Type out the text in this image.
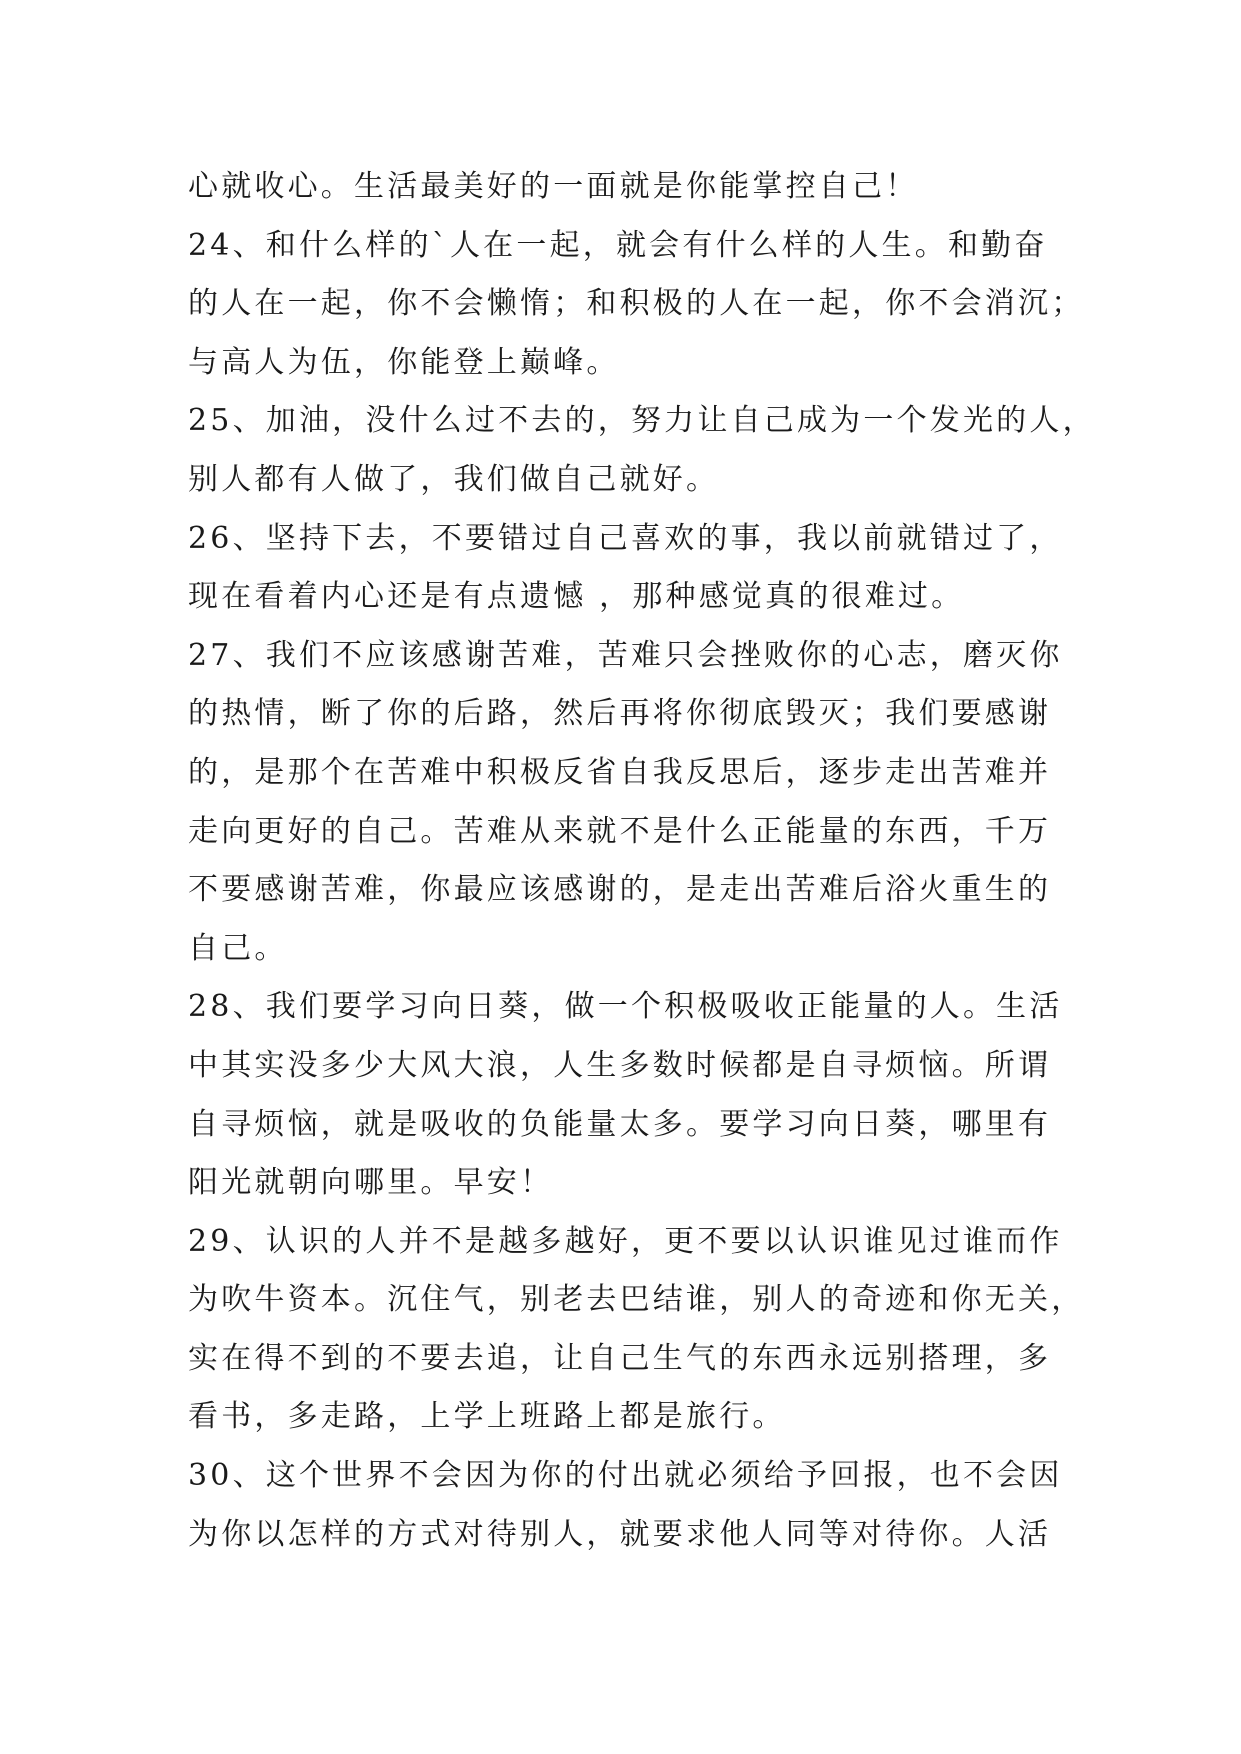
心就收心。生活最美好的一面就是你能掌控自己！
24、和什么样的`人在一起，就会有什么样的人生。和勤奋
的人在一起，你不会懒惰；和积极的人在一起，你不会消沉；
与高人为伍，你能登上巅峰。
25、加油，没什么过不去的，努力让自己成为一个发光的人，
别人都有人做了，我们做自己就好。
26、坚持下去，不要错过自己喜欢的事，我以前就错过了，
现在看着内心还是有点遗憾 ，那种感觉真的很难过。
27、我们不应该感谢苦难，苦难只会挫败你的心志，磨灭你
的热情，断了你的后路，然后再将你彻底毁灭；我们要感谢
的，是那个在苦难中积极反省自我反思后，逐步走出苦难并
走向更好的自己。苦难从来就不是什么正能量的东西，千万
不要感谢苦难，你最应该感谢的，是走出苦难后浴火重生的
自己。
28、我们要学习向日葵，做一个积极吸收正能量的人。生活
中其实没多少大风大浪，人生多数时候都是自寻烦恼。所谓
自寻烦恼，就是吸收的负能量太多。要学习向日葵，哪里有
阳光就朝向哪里。早安！
29、认识的人并不是越多越好，更不要以认识谁见过谁而作
为吹牛资本。沉住气，别老去巴结谁，别人的奇迹和你无关，
实在得不到的不要去追，让自己生气的东西永远别搭理，多
看书，多走路，上学上班路上都是旅行。
30、这个世界不会因为你的付出就必须给予回报，也不会因
为你以怎样的方式对待别人，就要求他人同等对待你。人活
